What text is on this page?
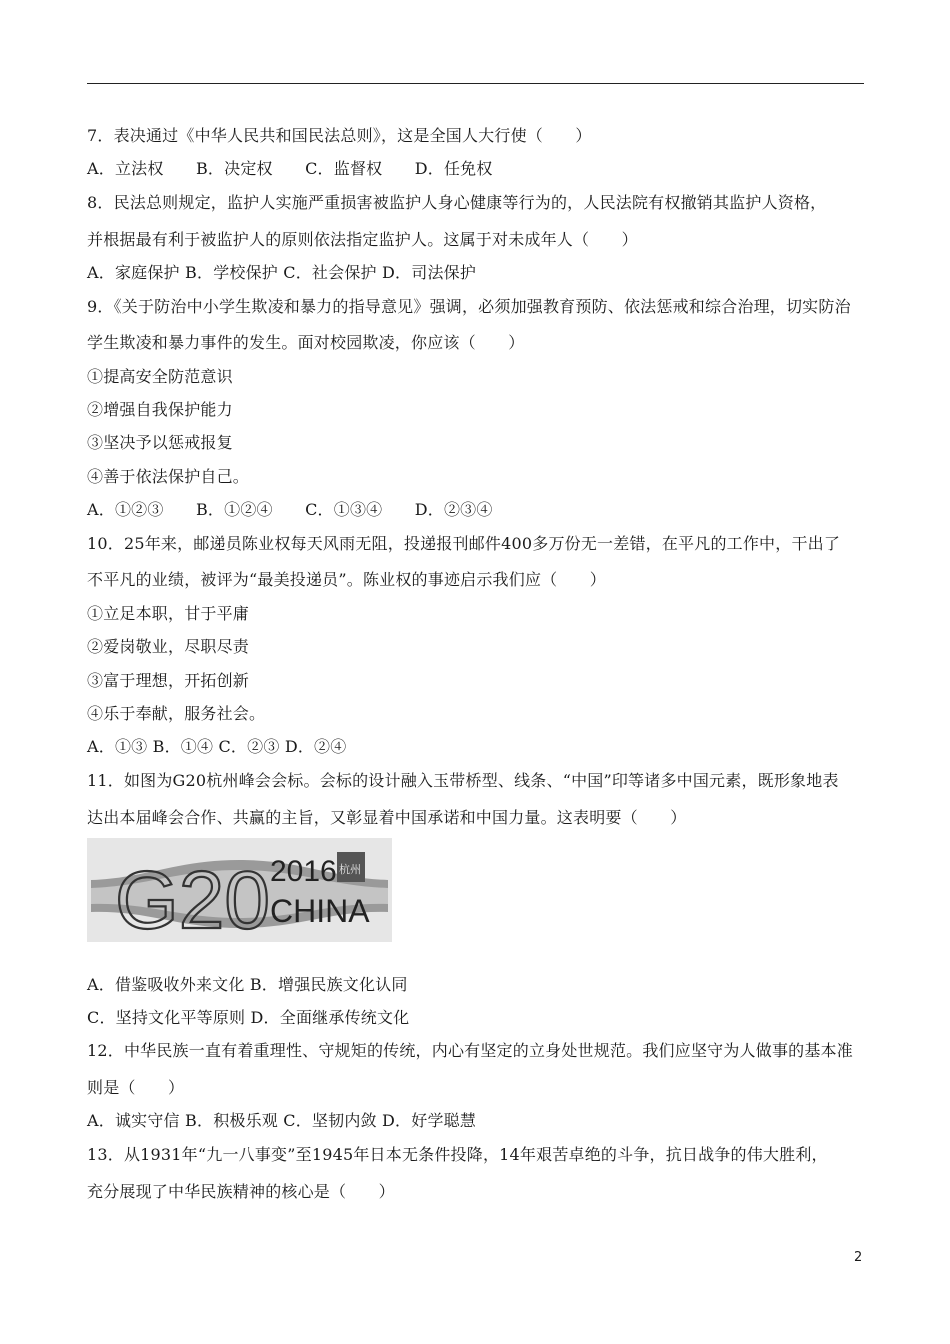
7．表决通过《中华人民共和国民法总则》，这是全国人大行使（　　）
A．立法权　　B．决定权　　C．监督权　　D．任免权
8．民法总则规定，监护人实施严重损害被监护人身心健康等行为的，人民法院有权撤销其监护人资格，
并根据最有利于被监护人的原则依法指定监护人。这属于对未成年人（　　）
A．家庭保护 B．学校保护 C．社会保护 D．司法保护
9．《关于防治中小学生欺凌和暴力的指导意见》强调，必须加强教育预防、依法惩戒和综合治理，切实防治
学生欺凌和暴力事件的发生。面对校园欺凌，你应该（　　）
①提高安全防范意识
②增强自我保护能力
③坚决予以惩戒报复
④善于依法保护自己。
A．①②③　　B．①②④　　C．①③④　　D．②③④
10．25年来，邮递员陈业权每天风雨无阻，投递报刊邮件400多万份无一差错，在平凡的工作中，干出了
不平凡的业绩，被评为“最美投递员”。陈业权的事迹启示我们应（　　）
①立足本职，甘于平庸
②爱岗敬业，尽职尽责
③富于理想，开拓创新
④乐于奉献，服务社会。
A．①③ B．①④ C．②③ D．②④
11．如图为G20杭州峰会会标。会标的设计融入玉带桥型、线条、“中国”印等诸多中国元素，既形象地表
达出本届峰会合作、共赢的主旨，又彰显着中国承诺和中国力量。这表明要（　　）
G20 2016 杭州
CHINA
A．借鉴吸收外来文化 B．增强民族文化认同
C．坚持文化平等原则 D．全面继承传统文化
12．中华民族一直有着重理性、守规矩的传统，内心有坚定的立身处世规范。我们应坚守为人做事的基本准
则是（　　）
A．诚实守信 B．积极乐观 C．坚韧内敛 D．好学聪慧
13．从1931年“九一八事变”至1945年日本无条件投降，14年艰苦卓绝的斗争，抗日战争的伟大胜利，
充分展现了中华民族精神的核心是（　　）
2
